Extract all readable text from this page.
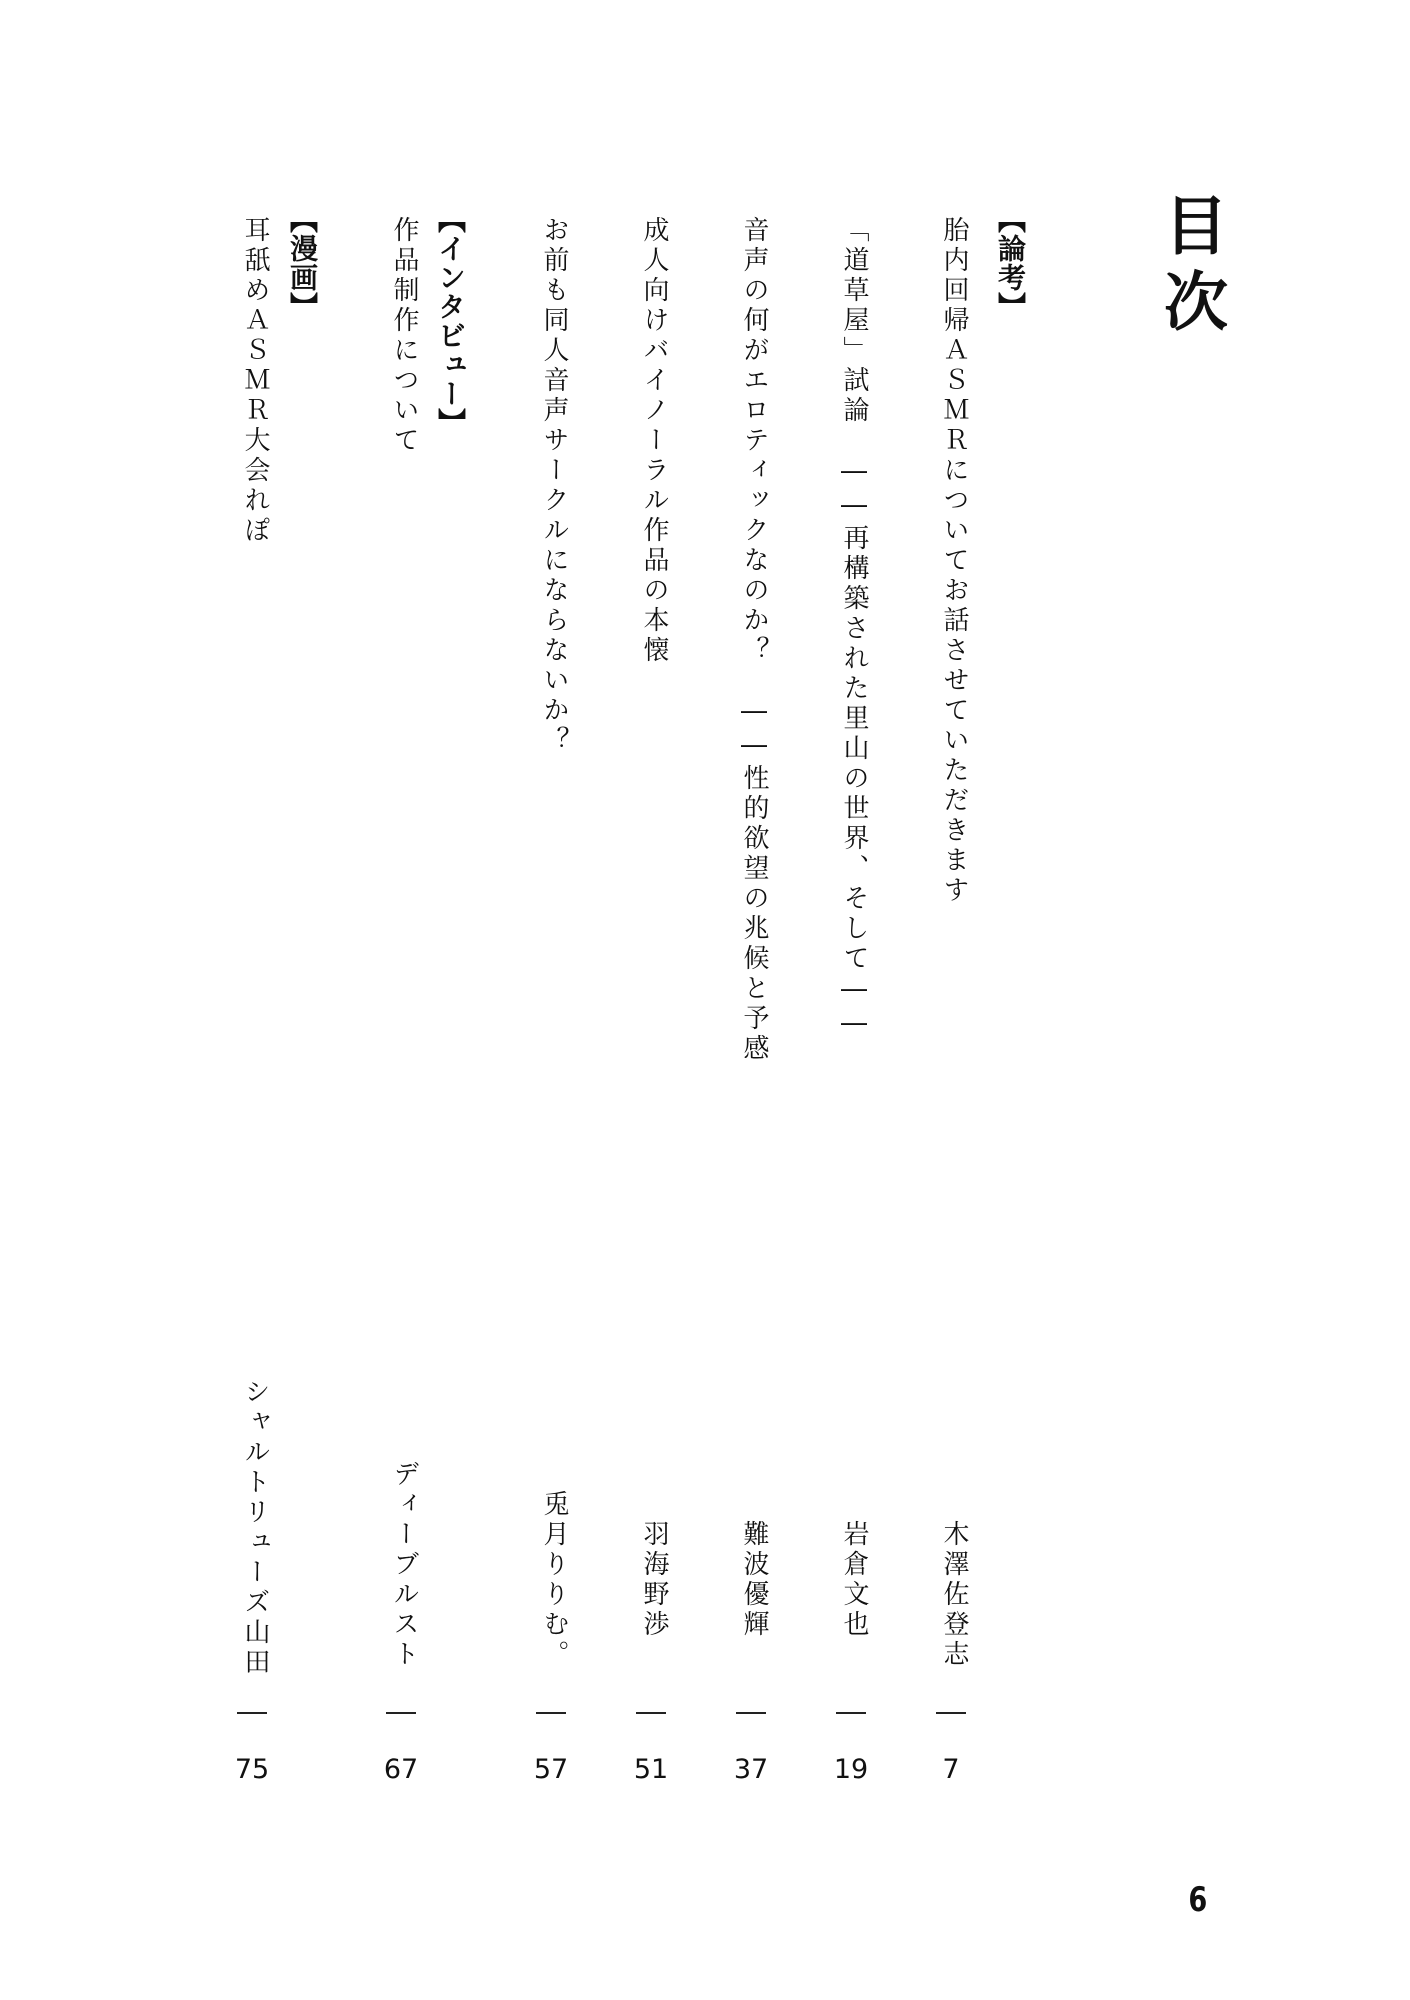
目次
【論考】
【インタビュー】
【漫画】	胎内回帰ＡＳＭＲについてお話させていただきます
「道草屋」試論　――再構築された里山の世界、そして――
音声の何がエロティックなのか？　――性的欲望の兆候と予感
成人向けバイノーラル作品の本懐
お前も同人音声サークルにならないか？
作品制作について
耳舐めＡＳＭＲ大会れぽ
木澤佐登志
岩倉文也
難波優輝
羽海野渉
兎月りりむ。
ディーブルスト
シャルトリューズ山田
7
19
37
51
57
67
75
6
